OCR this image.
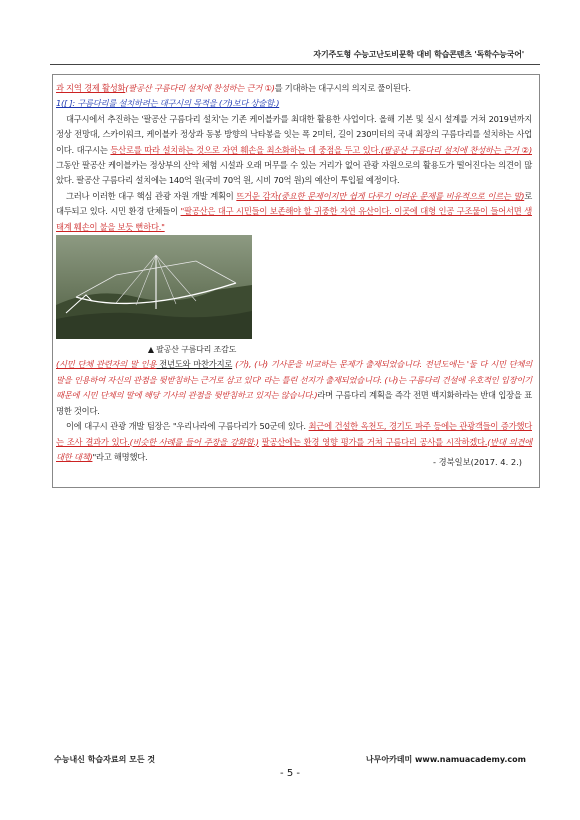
자기주도형 수능고난도비문학 대비 학습콘텐츠 '독학수능국어'

과 지역 경제 활성화(팔공산 구름다리 설치에 찬성하는 근거 ①)를 기대하는 대구시의 의지로 풀이된다.
1([ ]: 구름다리를 설치하려는 대구시의 목적을 (가)보다 상술함.)

대구시에서 추진하는 '팔공산 구름다리 설치'는 기존 케이블카를 최대한 활용한 사업이다. 올해 기본 및 실시 설계를 거쳐 2019년까지 정상 전망대, 스카이워크, 케이블카 정상과 동봉 방향의 낙타봉을 잇는 폭 2미터, 길이 230미터의 국내 최장의 구름다리를 설치하는 사업이다. 대구시는 등산로를 따라 설치하는 것으로 자연 훼손을 최소화하는 데 중점을 두고 있다.(팔공산 구름다리 설치에 찬성하는 근거 ②) 그동안 팔공산 케이블카는 정상부의 산악 체험 시설과 오래 머무를 수 있는 거리가 없어 관광 자원으로의 활용도가 떨어진다는 의견이 많았다. 팔공산 구름다리 설치에는 140억 원(국비 70억 원, 시비 70억 원)의 예산이 투입될 예정이다.

그러나 이러한 대구 핵심 관광 자원 개발 계획이 뜨거운 감자(중요한 문제이지만 쉽게 다루기 어려운 문제를 비유적으로 이르는 말)로 대두되고 있다. 시민 환경 단체들이 "팔공산은 대구 시민들이 보존해야 할 귀중한 자연 유산이다. 이곳에 대형 인공 구조물이 들어서면 생태계 훼손이 불을 보듯 뻔하다."

▲ 팔공산 구름다리 조감도
(시민 단체 관련자의 말 인용 전년도와 마찬가지로 (가), (나) 기사문을 비교하는 문제가 출제되었습니다. 전년도에는 '둘 다 시민 단체의 말을 인용하여 자신의 관점을 뒷받침하는 근거로 삼고 있다' 라는 틀린 선지가 출제되었습니다. (나)는 구름다리 건설에 우호적인 입장이기 때문에 시민 단체의 말에 해당 기사의 관점을 뒷받침하고 있지는 않습니다.)라며 구름다리 계획을 즉각 전면 백지화하라는 반대 입장을 표명한 것이다.

이에 대구시 관광 개발 팀장은 "우리나라에 구름다리가 50군데 있다. 최근에 건설한 옥천도, 경기도 파주 등에는 관광객들이 증가했다는 조사 결과가 있다.(비슷한 사례를 들어 주장을 강화함.) 팔공산에는 환경 영향 평가를 거쳐 구름다리 공사를 시작하겠다.(반대 의견에 대한 대책)"라고 해명했다.

- 경북일보(2017. 4. 2.)
수능내신 학습자료의 모든 것	나무아카데미 www.namuacademy.com
- 5 -
